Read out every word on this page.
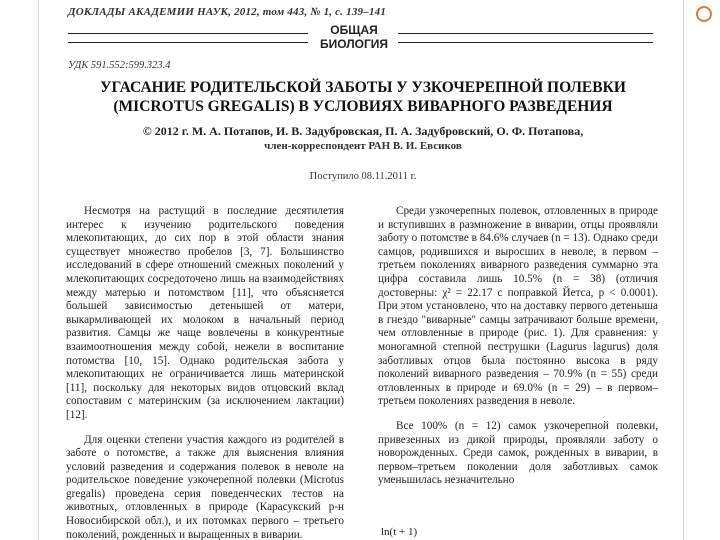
ДОКЛАДЫ АКАДЕМИИ НАУК, 2012, том 443, № 1, с. 139–141
ОБЩАЯ
БИОЛОГИЯ
УДК 591.552:599.323.4
УГАСАНИЕ РОДИТЕЛЬСКОЙ ЗАБОТЫ У УЗКОЧЕРЕПНОЙ ПОЛЕВКИ
(MICROTUS GREGALIS) В УСЛОВИЯХ ВИВАРНОГО РАЗВЕДЕНИЯ
© 2012 г. М. А. Потапов, И. В. Задубровская, П. А. Задубровский, О. Ф. Потапова,
член-корреспондент РАН В. И. Евсиков
Поступило 08.11.2011 г.

Несмотря на растущий в последние десятилетия интерес к изучению родительского поведения млекопитающих, до сих пор в этой области знания существует множество пробелов [3, 7]. Большинство исследований в сфере отношений смежных поколений у млекопитающих сосредоточено лишь на взаимодействиях между матерью и потомством [11], что объясняется большей зависимостью детенышей от матери, выкармливающей их молоком в начальный период развития. Самцы же чаще вовлечены в конкурентные взаимоотношения между собой, нежели в воспитание потомства [10, 15]. Однако родительская забота у млекопитающих не ограничивается лишь материнской [11], поскольку для некоторых видов отцовский вклад сопоставим с материнским (за исключением лактации) [12].

Для оценки степени участия каждого из родителей в заботе о потомстве, а также для выяснения влияния условий разведения и содержания полевок в неволе на родительское поведение узкочерепной полевки (Microtus gregalis) проведена серия поведенческих тестов на животных, отловленных в природе (Карасукский р-н Новосибирской обл.), и их потомках первого – третьего поколений, рожденных и выращенных в виварии.

Среди узкочерепных полевок, отловленных в природе и вступивших в размножение в виварии, отцы проявляли заботу о потомстве в 84.6% случаев (n = 13). Однако среди самцов, родившихся и выросших в неволе, в первом – третьем поколениях виварного разведения суммарно эта цифра составила лишь 10.5% (n = 38) (отличия достоверны: χ² = 22.17 с поправкой Йетса, p < 0.0001). При этом установлено, что на доставку первого детеныша в гнездо "виварные" самцы затрачивают больше времени, чем отловленные в природе (рис. 1). Для сравнения: у моногамной степной пеструшки (Lagurus lagurus) доля заботливых отцов была постоянно высока в ряду поколений виварного разведения – 70.9% (n = 55) среди отловленных в природе и 69.0% (n = 29) – в первом–третьем поколениях разведения в неволе.

Все 100% (n = 12) самок узкочерепной полевки, привезенных из дикой природы, проявляли заботу о новорожденных. Среди самок, рожденных в виварии, в первом–третьем поколении доля заботливых самок уменьшилась незначительно

ln(t + 1)
